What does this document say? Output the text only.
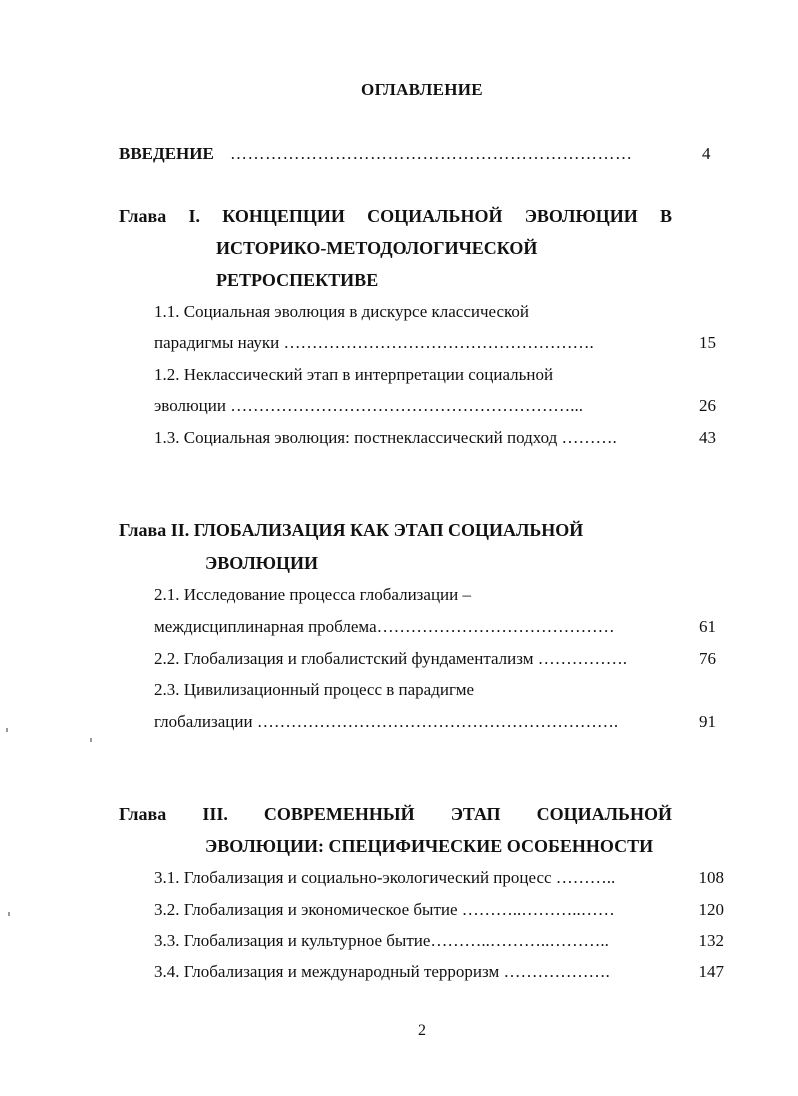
ОГЛАВЛЕНИЕ
ВВЕДЕНИЕ ……………………………………………………………	4
Глава I. КОНЦЕПЦИИ СОЦИАЛЬНОЙ ЭВОЛЮЦИИ В
ИСТОРИКО-МЕТОДОЛОГИЧЕСКОЙ
РЕТРОСПЕКТИВЕ
1.1. Социальная эволюция в дискурсе классической
парадигмы науки ……………………………………………….	15
1.2. Неклассический этап в интерпретации социальной
эволюции ……………………………………………………...	26
1.3. Социальная эволюция: постнеклассический подход ……….	43
Глава II. ГЛОБАЛИЗАЦИЯ КАК ЭТАП СОЦИАЛЬНОЙ
ЭВОЛЮЦИИ
2.1. Исследование процесса глобализации –
междисциплинарная проблема……………………………………	61
2.2. Глобализация и глобалистский фундаментализм …………….	76
2.3. Цивилизационный процесс в парадигме
глобализации ……………………………………………………….	91
Глава III. СОВРЕМЕННЫЙ ЭТАП СОЦИАЛЬНОЙ
ЭВОЛЮЦИИ: СПЕЦИФИЧЕСКИЕ ОСОБЕННОСТИ
3.1. Глобализация и социально-экологический процесс ………..	108
3.2. Глобализация и экономическое бытие ………..………..……	120
3.3. Глобализация и культурное бытие………..………..………..	132
3.4. Глобализация и международный терроризм ……………….	147
2
